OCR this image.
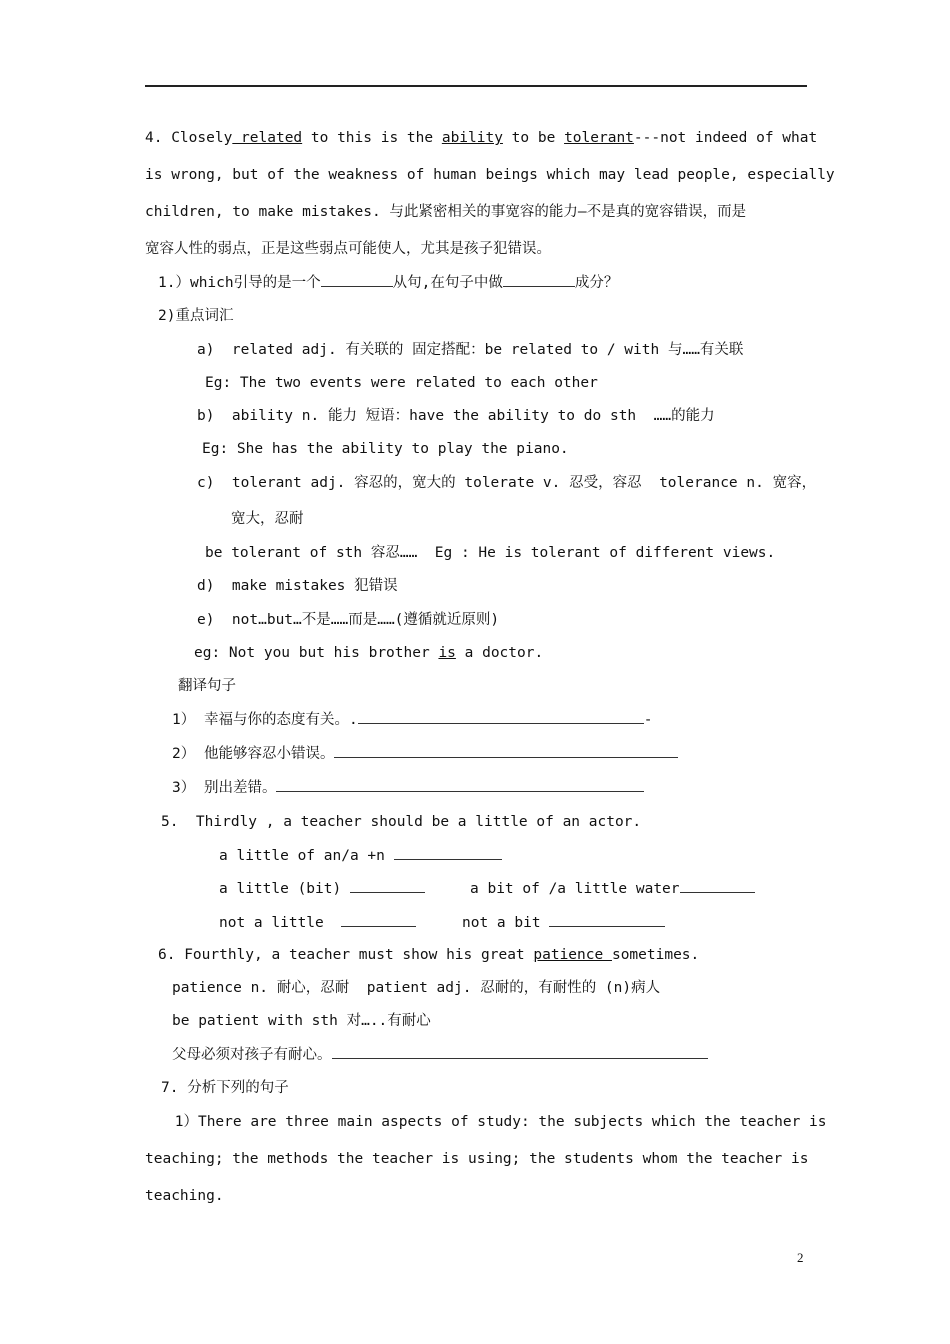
4. Closely related to this is the ability to be tolerant---not indeed of what
is wrong, but of the weakness of human beings which may lead people, especially
children, to make mistakes. 与此紧密相关的事宽容的能力—不是真的宽容错误，而是
宽容人性的弱点，正是这些弱点可能使人，尤其是孩子犯错误。
1.）which引导的是一个	从句,在句子中做	成分？
2)重点词汇
a)  related adj. 有关联的 固定搭配：be related to / with 与……有关联
Eg: The two events were related to each other
b)  ability n. 能力 短语：have the ability to do sth  ……的能力
Eg: She has the ability to play the piano.
c)  tolerant adj. 容忍的，宽大的 tolerate v. 忍受，容忍  tolerance n. 宽容，
宽大，忍耐
be tolerant of sth 容忍……  Eg : He is tolerant of different views.
d)  make mistakes 犯错误
e)  not…but…不是……而是……(遵循就近原则)
eg: Not you but his brother is a doctor.
翻译句子
1） 幸福与你的态度有关。.	-
2） 他能够容忍小错误。
3） 别出差错。
5.  Thirdly , a teacher should be a little of an actor.
a little of an/a +n
a little (bit)	a bit of /a little water
not a little	not a bit
6. Fourthly, a teacher must show his great patience sometimes.
patience n. 耐心，忍耐  patient adj. 忍耐的，有耐性的 (n)病人
be patient with sth 对…..有耐心
父母必须对孩子有耐心。
7. 分析下列的句子
1）There are three main aspects of study: the subjects which the teacher is
teaching; the methods the teacher is using; the students whom the teacher is
teaching.
2
